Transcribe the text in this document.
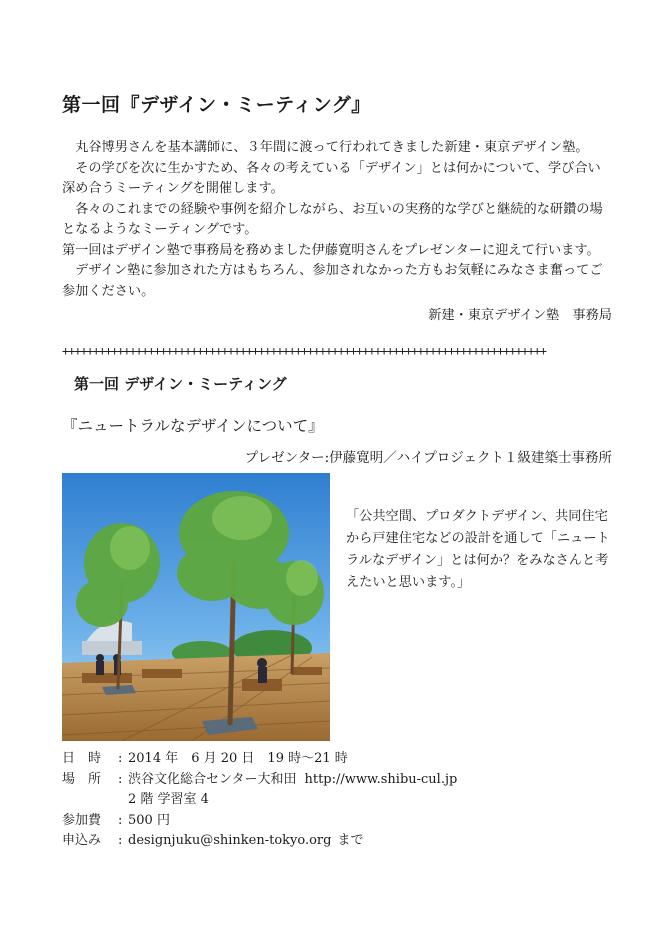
第一回『デザイン・ミーティング』
　丸谷博男さんを基本講師に、３年間に渡って行われてきました新建・東京デザイン塾。
　その学びを次に生かすため、各々の考えている「デザイン」とは何かについて、学び合い
深め合うミーティングを開催します。
　各々のこれまでの経験や事例を紹介しながら、お互いの実務的な学びと継続的な研鑽の場
となるようなミーティングです。
第一回はデザイン塾で事務局を務めました伊藤寛明さんをプレゼンターに迎えて行います。
　デザイン塾に参加された方はもちろん、参加されなかった方もお気軽にみなさま奮ってご
参加ください。
新建・東京デザイン塾　事務局
+++++++++++++++++++++++++++++++++++++++++++++++++++++++++++++++++++++++++++++++
第一回 デザイン・ミーティング
『ニュートラルなデザインについて』
プレゼンター:伊藤寛明／ハイプロジェクト１級建築士事務所
「公共空間、プロダクトデザイン、共同住宅
から戸建住宅などの設計を通して「ニュート
ラルなデザイン」とは何か？をみなさんと考
えたいと思います。」
日　時	: 2014 年　6 月 20 日　19 時〜21 時
場　所	: 渋谷文化総合センター大和田 http://www.shibu-cul.jp
2 階 学習室 4
参加費	: 500 円
申込み	: designjuku@shinken-tokyo.org まで
